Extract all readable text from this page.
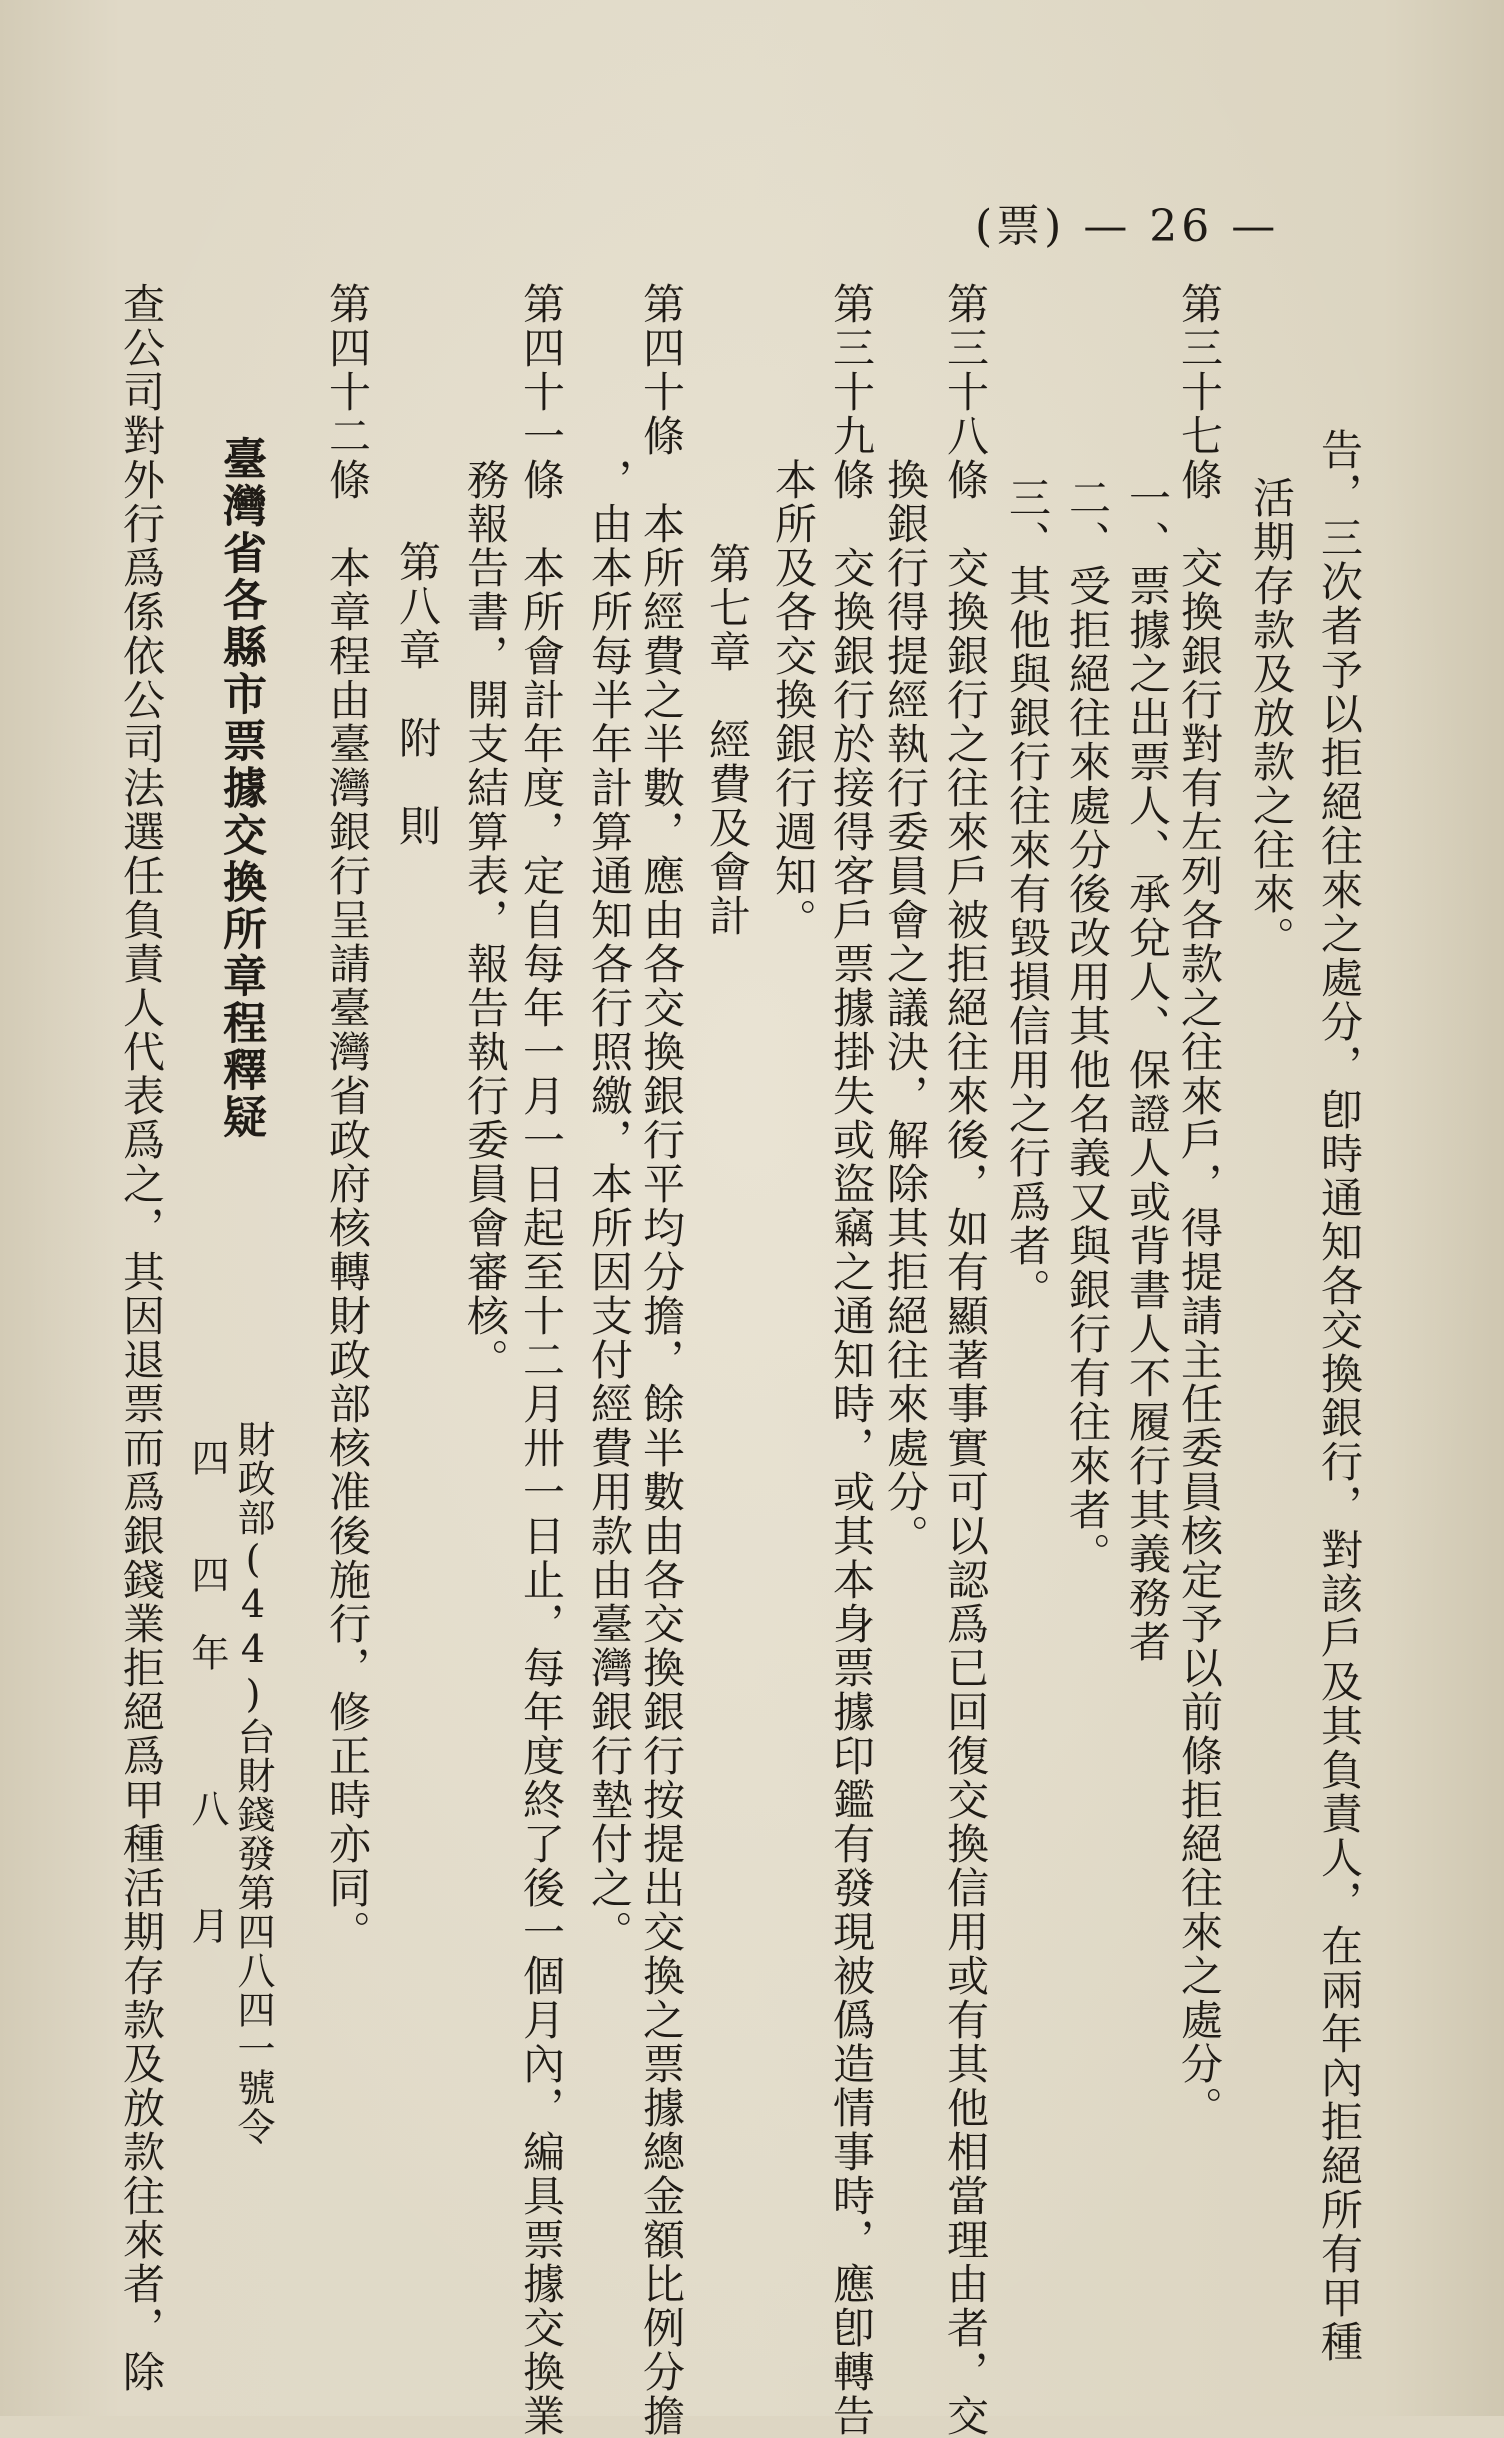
(票) — 26 —
告，三次者予以拒絕往來之處分，卽時通知各交換銀行，對該戶及其負責人，在兩年內拒絕所有甲種
活期存款及放款之往來。
第三十七條　交換銀行對有左列各款之往來戶，得提請主任委員核定予以前條拒絕往來之處分。
一、票據之出票人、承兌人、保證人或背書人不履行其義務者
二、受拒絕往來處分後改用其他名義又與銀行有往來者。
三、其他與銀行往來有毀損信用之行爲者。
第三十八條　交換銀行之往來戶被拒絕往來後，如有顯著事實可以認爲已回復交換信用或有其他相當理由者，交
換銀行得提經執行委員會之議決，解除其拒絕往來處分。
第三十九條　交換銀行於接得客戶票據掛失或盜竊之通知時，或其本身票據印鑑有發現被僞造情事時，應卽轉告
本所及各交換銀行週知。
第七章　經費及會計
第四十條　本所經費之半數，應由各交換銀行平均分擔，餘半數由各交換銀行按提出交換之票據總金額比例分擔
，由本所每半年計算通知各行照繳，本所因支付經費用款由臺灣銀行墊付之。
第四十一條　本所會計年度，定自每年一月一日起至十二月卅一日止，每年度終了後一個月內，編具票據交換業
務報告書，開支結算表，報告執行委員會審核。
第八章　附　則
第四十二條　本章程由臺灣銀行呈請臺灣省政府核轉財政部核准後施行，修正時亦同。
財政部(44)台財錢發第四八四一號令
四　　四　年　　　八　　月
臺灣省各縣市票據交換所章程釋疑
查公司對外行爲係依公司法選任負責人代表爲之，其因退票而爲銀錢業拒絕爲甲種活期存款及放款往來者，除
